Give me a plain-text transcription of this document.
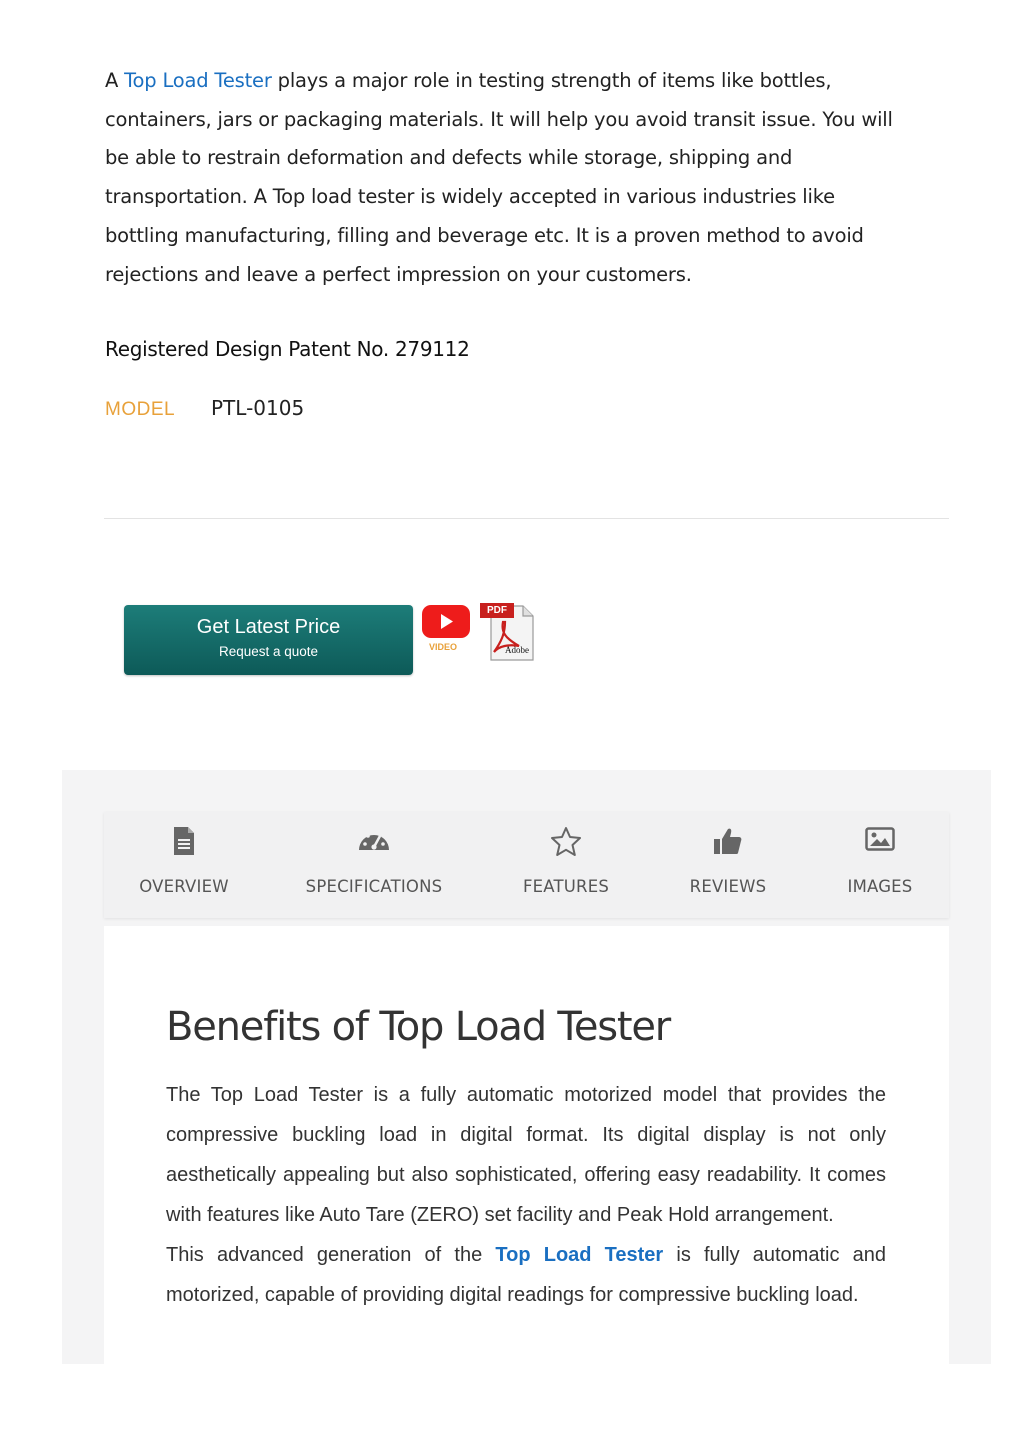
A Top Load Tester plays a major role in testing strength of items like bottles, containers, jars or packaging materials. It will help you avoid transit issue. You will be able to restrain deformation and defects while storage, shipping and transportation. A Top load tester is widely accepted in various industries like bottling manufacturing, filling and beverage etc. It is a proven method to avoid rejections and leave a perfect impression on your customers.
Registered Design Patent No. 279112
MODEL	PTL-0105
Get Latest Price
Request a quote	VIDEO
PDF
Adobe
OVERVIEW	SPECIFICATIONS	FEATURES	REVIEWS	IMAGES
Benefits of Top Load Tester

The Top Load Tester is a fully automatic motorized model that provides the compressive buckling load in digital format. Its digital display is not only aesthetically appealing but also sophisticated, offering easy readability. It comes with features like Auto Tare (ZERO) set facility and Peak Hold arrangement.

This advanced generation of the Top Load Tester is fully automatic and motorized, capable of providing digital readings for compressive buckling load.
